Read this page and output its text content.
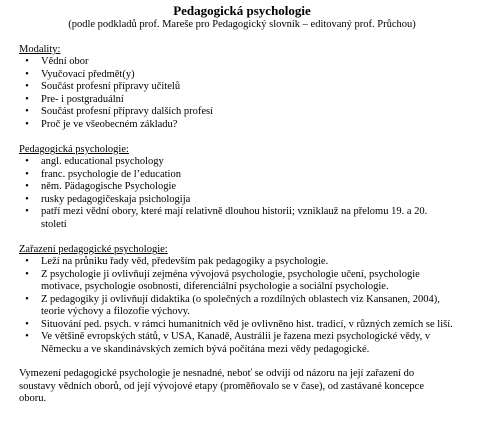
Pedagogická psychologie

(podle podkladů prof. Mareše pro Pedagogický slovník – editovaný prof. Průchou)

Modality:

•	Vědní obor
•	Vyučovací předmět(y)
•	Součást profesní přípravy učitelů
•	Pre- i postgraduální
•	Součást profesní přípravy dalších profesí
•	Proč je ve všeobecném základu?

Pedagogická psychologie:

•	angl. educational psychology
•	franc. psychologie de l’education
•	něm. Pädagogische Psychologie
•	rusky pedagogičeskaja psichologija
•	patří mezi vědní obory, které mají relativně dlouhou historii; vzniklauž na přelomu 19. a 20. století

Zařazení pedagogické psychologie:

•	Leží na průniku řady věd, především pak pedagogiky a psychologie.
•	Z psychologie ji ovlivňují zejména vývojová psychologie, psychologie učení, psychologie motivace, psychologie osobnosti, diferenciální psychologie a sociální psychologie.
•	Z pedagogiky ji ovlivňují didaktika (o společných a rozdílných oblastech viz Kansanen, 2004), teorie výchovy a filozofie výchovy.
•	Situování ped. psych. v rámci humanitních věd je ovlivněno hist. tradicí, v různých zemích se liší.
•	Ve většině evropských států, v USA, Kanadě, Austrálii je řazena mezi psychologické vědy, v Německu a ve skandinávských zemích bývá počítána mezi vědy pedagogické.

Vymezení pedagogické psychologie je nesnadné, neboť se odvíjí od názoru na její zařazení do soustavy vědních oborů, od její vývojové etapy (proměňovalo se v čase), od zastávané koncepce oboru.
